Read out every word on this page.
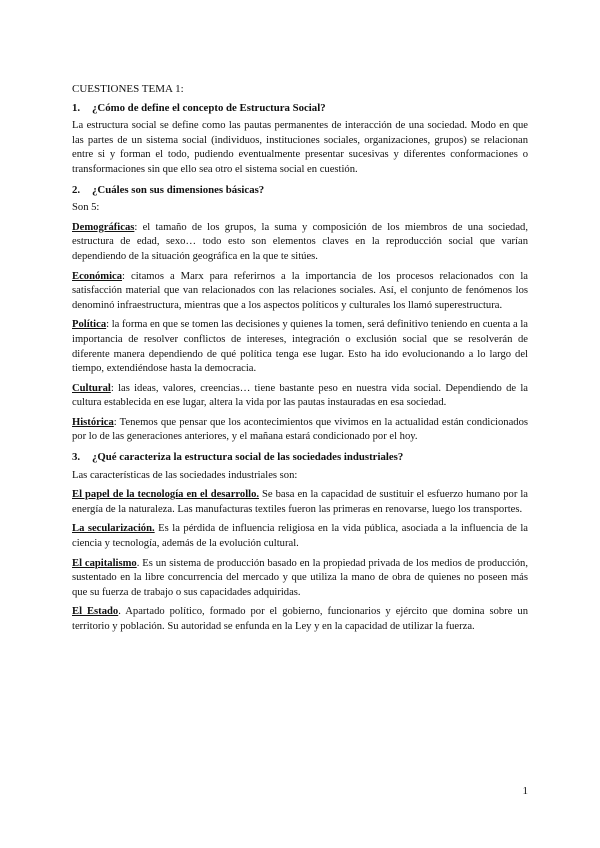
CUESTIONES TEMA 1:
1. ¿Cómo de define el concepto de Estructura Social?

La estructura social se define como las pautas permanentes de interacción de una sociedad. Modo en que las partes de un sistema social (individuos, instituciones sociales, organizaciones, grupos) se relacionan entre si y forman el todo, pudiendo eventualmente presentar sucesivas y diferentes conformaciones o transformaciones sin que ello sea otro el sistema social en cuestión.

2. ¿Cuáles son sus dimensiones básicas?

Son 5:

Demográficas: el tamaño de los grupos, la suma y composición de los miembros de una sociedad, estructura de edad, sexo… todo esto son elementos claves en la reproducción social que varían dependiendo de la situación geográfica en la que te sitúes.

Económica: citamos a Marx para referirnos a la importancia de los procesos relacionados con la satisfacción material que van relacionados con las relaciones sociales. Así, el conjunto de fenómenos los denominó infraestructura, mientras que a los aspectos políticos y culturales los llamó superestructura.

Política: la forma en que se tomen las decisiones y quienes la tomen, será definitivo teniendo en cuenta a la importancia de resolver conflictos de intereses, integración o exclusión social que se resolverán de diferente manera dependiendo de qué política tenga ese lugar. Esto ha ido evolucionando a lo largo del tiempo, extendiéndose hasta la democracia.

Cultural: las ideas, valores, creencias… tiene bastante peso en nuestra vida social. Dependiendo de la cultura establecida en ese lugar, altera la vida por las pautas instauradas en esa sociedad.

Histórica: Tenemos que pensar que los acontecimientos que vivimos en la actualidad están condicionados por lo de las generaciones anteriores, y el mañana estará condicionado por el hoy.

3. ¿Qué caracteriza la estructura social de las sociedades industriales?

Las características de las sociedades industriales son:

El papel de la tecnología en el desarrollo. Se basa en la capacidad de sustituir el esfuerzo humano por la energía de la naturaleza. Las manufacturas textiles fueron las primeras en renovarse, luego los transportes.

La secularización. Es la pérdida de influencia religiosa en la vida pública, asociada a la influencia de la ciencia y tecnología, además de la evolución cultural.

El capitalismo. Es un sistema de producción basado en la propiedad privada de los medios de producción, sustentado en la libre concurrencia del mercado y que utiliza la mano de obra de quienes no poseen más que su fuerza de trabajo o sus capacidades adquiridas.

El Estado. Apartado político, formado por el gobierno, funcionarios y ejército que domina sobre un territorio y población. Su autoridad se enfunda en la Ley y en la capacidad de utilizar la fuerza.

1
